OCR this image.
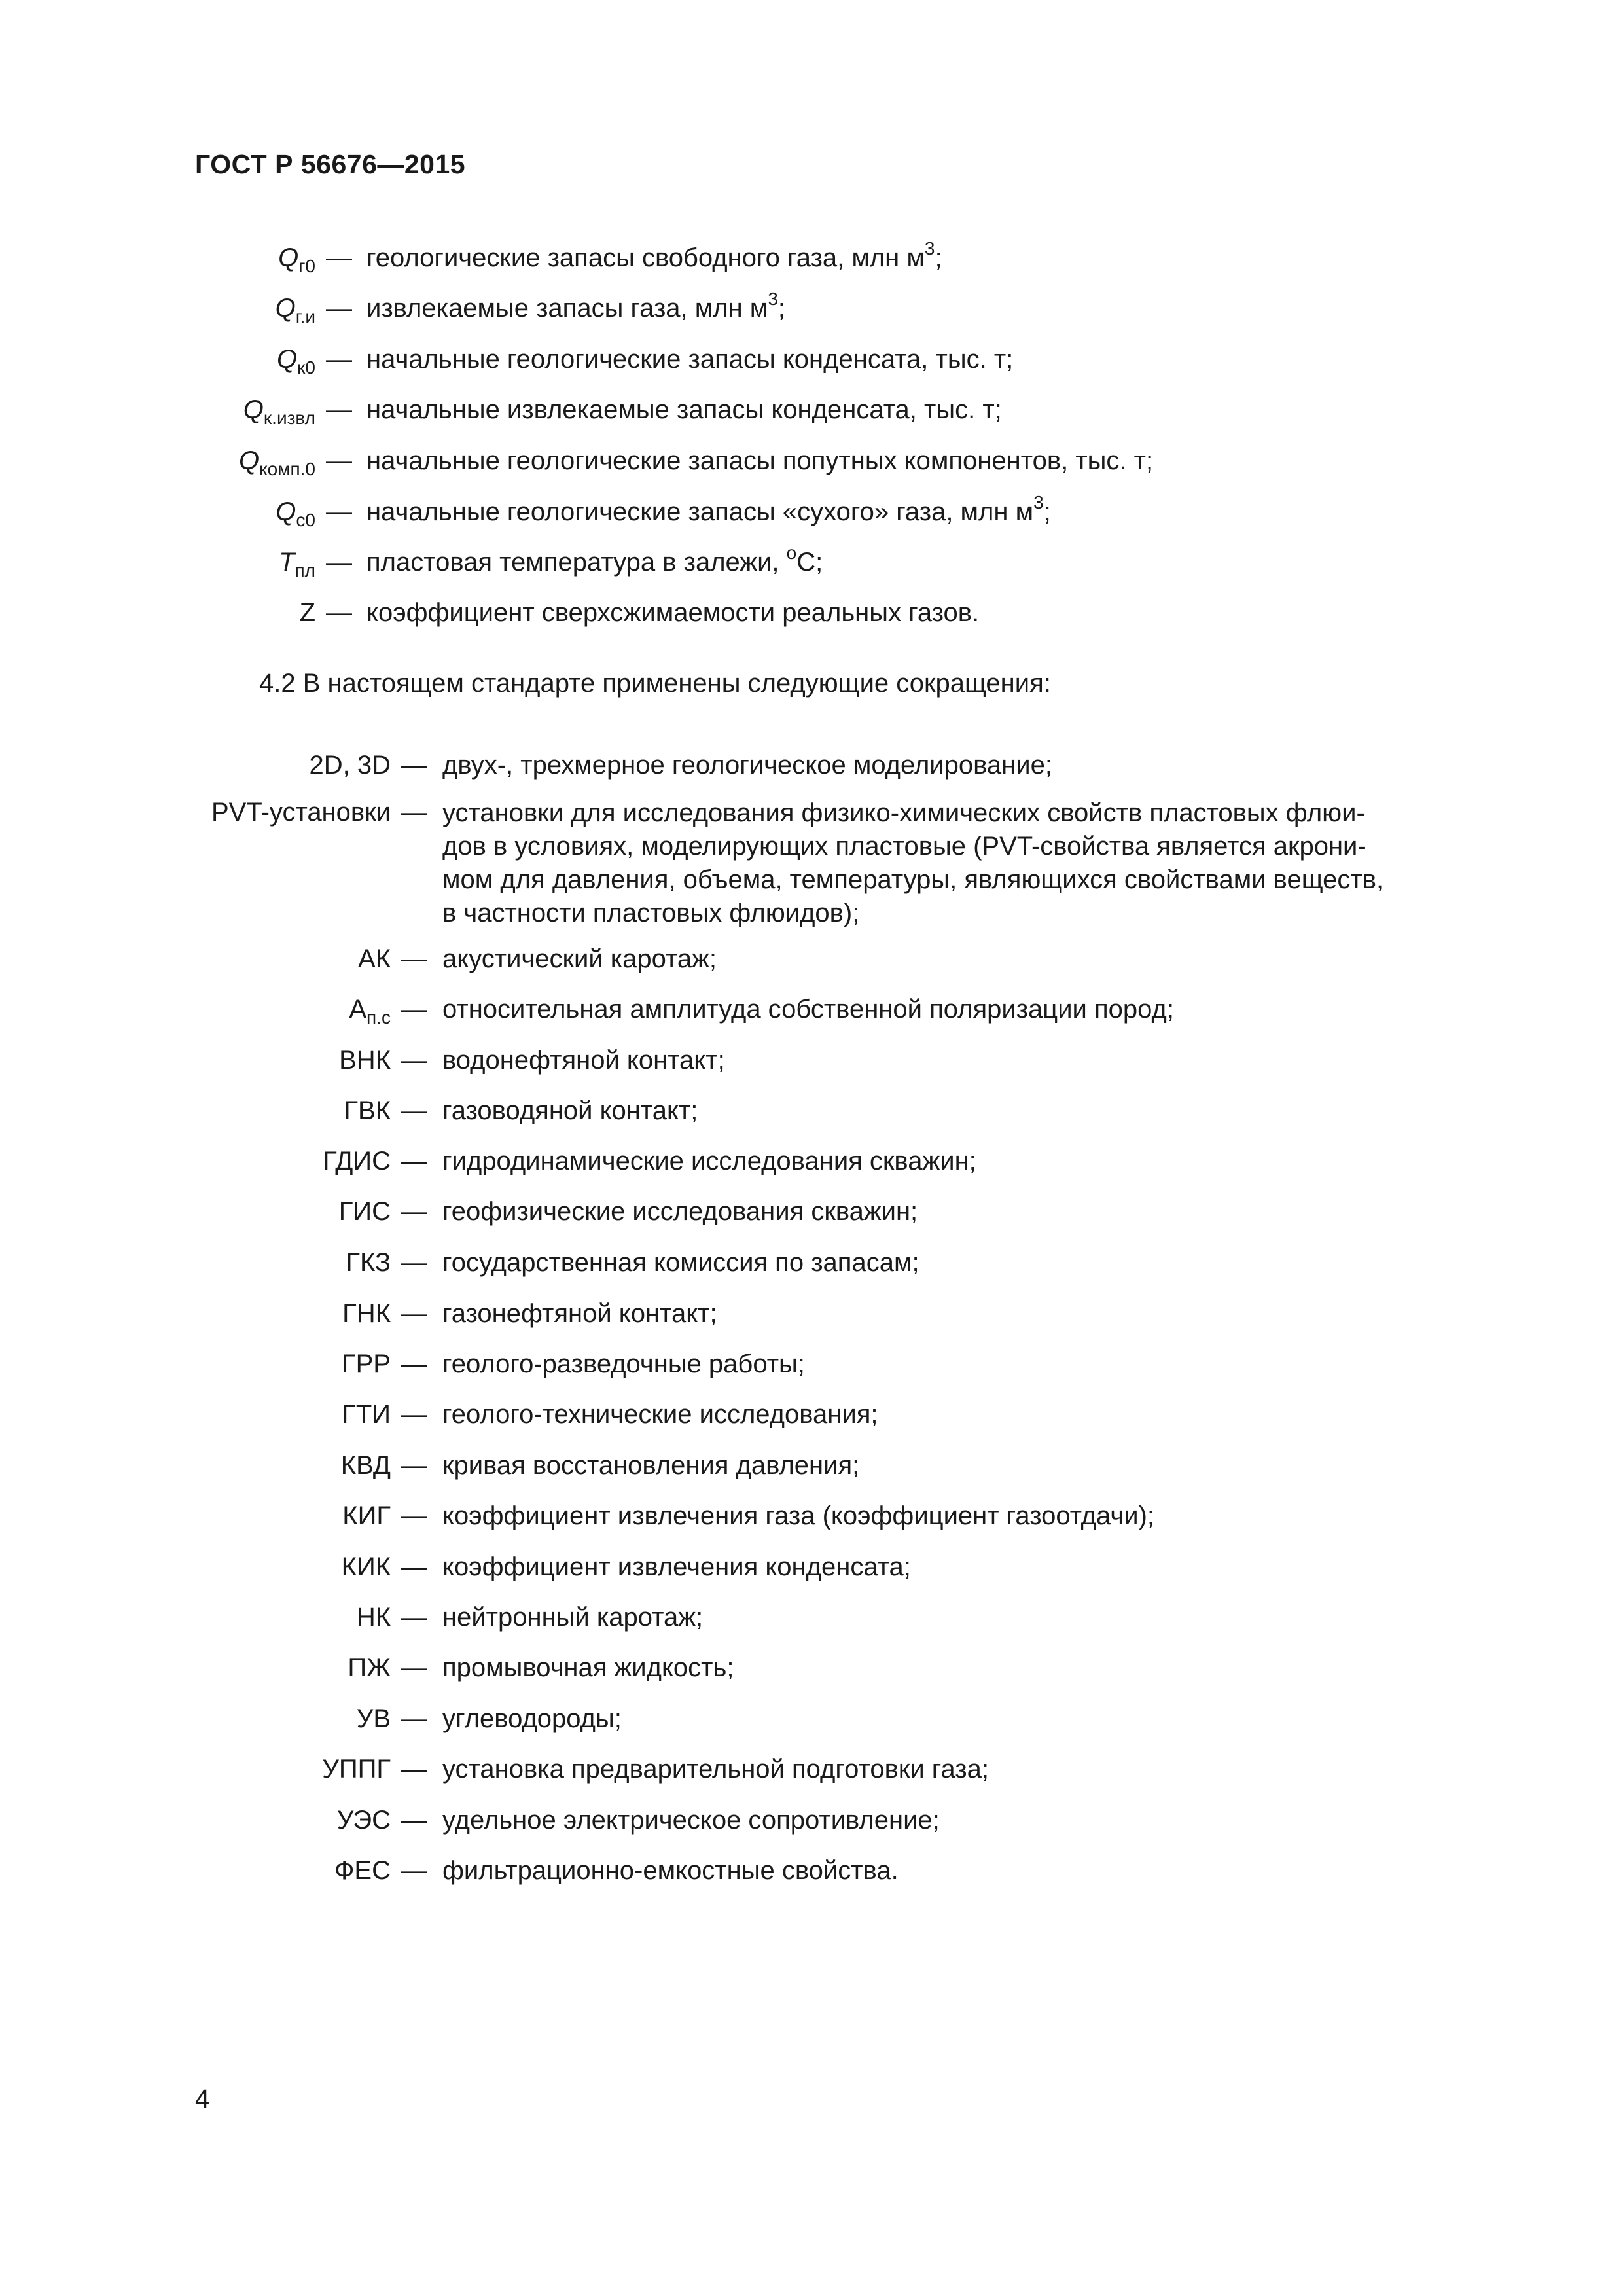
ГОСТ Р 56676—2015
$Q_{г0}$ — геологические запасы свободного газа, млн $м^3$;
$Q_{г.и}$ — извлекаемые запасы газа, млн $м^3$;
$Q_{к0}$ — начальные геологические запасы конденсата, тыс. т;
$Q_{к.извл}$ — начальные извлекаемые запасы конденсата, тыс. т;
$Q_{комп.0}$ — начальные геологические запасы попутных компонентов, тыс. т;
$Q_{с0}$ — начальные геологические запасы «сухого» газа, млн $м^3$;
$T_{пл}$ — пластовая температура в залежи, $^о$С;
Z — коэффициент сверхсжимаемости реальных газов.
4.2 В настоящем стандарте применены следующие сокращения:
2D, 3D — двух-, трехмерное геологическое моделирование;
PVT-установки — установки для исследования физико-химических свойств пластовых флюи-
дов в условиях, моделирующих пластовые (PVT-свойства является акрони-
мом для давления, объема, температуры, являющихся свойствами веществ,
в частности пластовых флюидов);
АК — акустический каротаж;
$А_{п.с}$ — относительная амплитуда собственной поляризации пород;
ВНК — водонефтяной контакт;
ГВК — газоводяной контакт;
ГДИС — гидродинамические исследования скважин;
ГИС — геофизические исследования скважин;
ГКЗ — государственная комиссия по запасам;
ГНК — газонефтяной контакт;
ГРР — геолого-разведочные работы;
ГТИ — геолого-технические исследования;
КВД — кривая восстановления давления;
КИГ — коэффициент извлечения газа (коэффициент газоотдачи);
КИК — коэффициент извлечения конденсата;
НК — нейтронный каротаж;
ПЖ — промывочная жидкость;
УВ — углеводороды;
УППГ — установка предварительной подготовки газа;
УЭС — удельное электрическое сопротивление;
ФЕС — фильтрационно-емкостные свойства.
4
